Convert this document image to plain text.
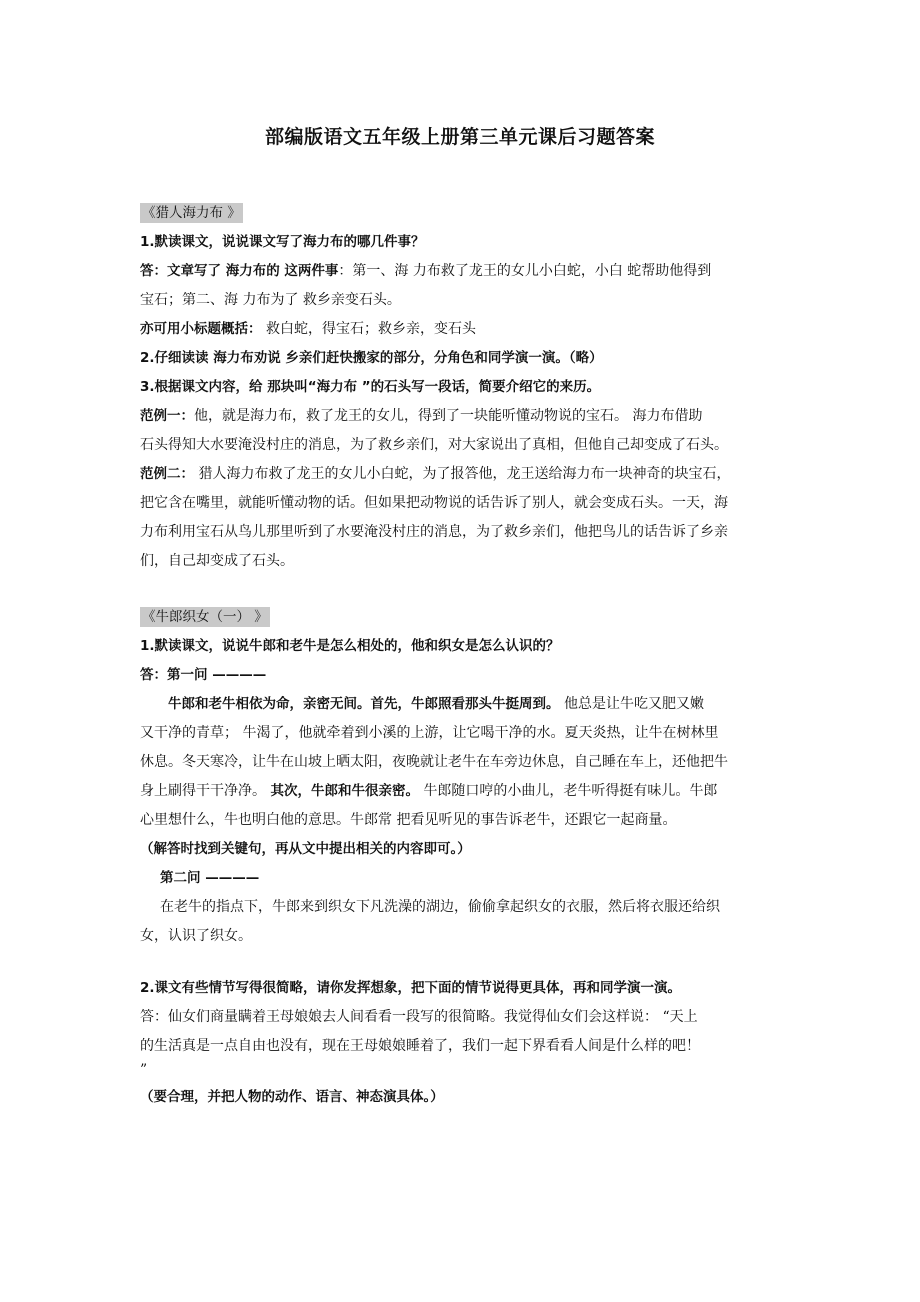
部编版语文五年级上册第三单元课后习题答案
《猎人海力布 》
1.默读课文，说说课文写了海力布的哪几件事？
答：文章写了 海力布的 这两件事：第一、海 力布救了龙王的女儿小白蛇，小白 蛇帮助他得到
宝石；第二、海 力布为了 救乡亲变石头。
亦可用小标题概括： 救白蛇，得宝石；救乡亲，变石头
2.仔细读读 海力布劝说 乡亲们赶快搬家的部分，分角色和同学演一演。（略）
3.根据课文内容，给 那块叫“海力布 ”的石头写一段话，简要介绍它的来历。
范例一：他，就是海力布，救了龙王的女儿，得到了一块能听懂动物说的宝石。 海力布借助
石头得知大水要淹没村庄的消息，为了救乡亲们，对大家说出了真相，但他自己却变成了石头。
范例二： 猎人海力布救了龙王的女儿小白蛇，为了报答他，龙王送给海力布一块神奇的块宝石，
把它含在嘴里，就能听懂动物的话。但如果把动物说的话告诉了别人，就会变成石头。一天，海
力布利用宝石从鸟儿那里听到了水要淹没村庄的消息，为了救乡亲们，他把鸟儿的话告诉了乡亲
们，自己却变成了石头。
《牛郎织女（一） 》
1.默读课文，说说牛郎和老牛是怎么相处的，他和织女是怎么认识的？
答：第一问 ————
牛郎和老牛相依为命，亲密无间。首先，牛郎照看那头牛挺周到。 他总是让牛吃又肥又嫩
又干净的青草； 牛渴了，他就牵着到小溪的上游，让它喝干净的水。夏天炎热，让牛在树林里
休息。冬天寒冷，让牛在山坡上晒太阳，夜晚就让老牛在车旁边休息，自己睡在车上，还他把牛
身上刷得干干净净。 其次，牛郎和牛很亲密。 牛郎随口哼的小曲儿，老牛听得挺有味儿。牛郎
心里想什么，牛也明白他的意思。牛郎常 把看见听见的事告诉老牛，还跟它一起商量。
（解答时找到关键句，再从文中提出相关的内容即可。）
第二问 ————
在老牛的指点下，牛郎来到织女下凡洗澡的湖边，偷偷拿起织女的衣服，然后将衣服还给织
女，认识了织女。
2.课文有些情节写得很简略，请你发挥想象，把下面的情节说得更具体，再和同学演一演。
答：仙女们商量瞒着王母娘娘去人间看看一段写的很简略。我觉得仙女们会这样说： “天上
的生活真是一点自由也没有，现在王母娘娘睡着了，我们一起下界看看人间是什么样的吧！
”
（要合理，并把人物的动作、语言、神态演具体。）
